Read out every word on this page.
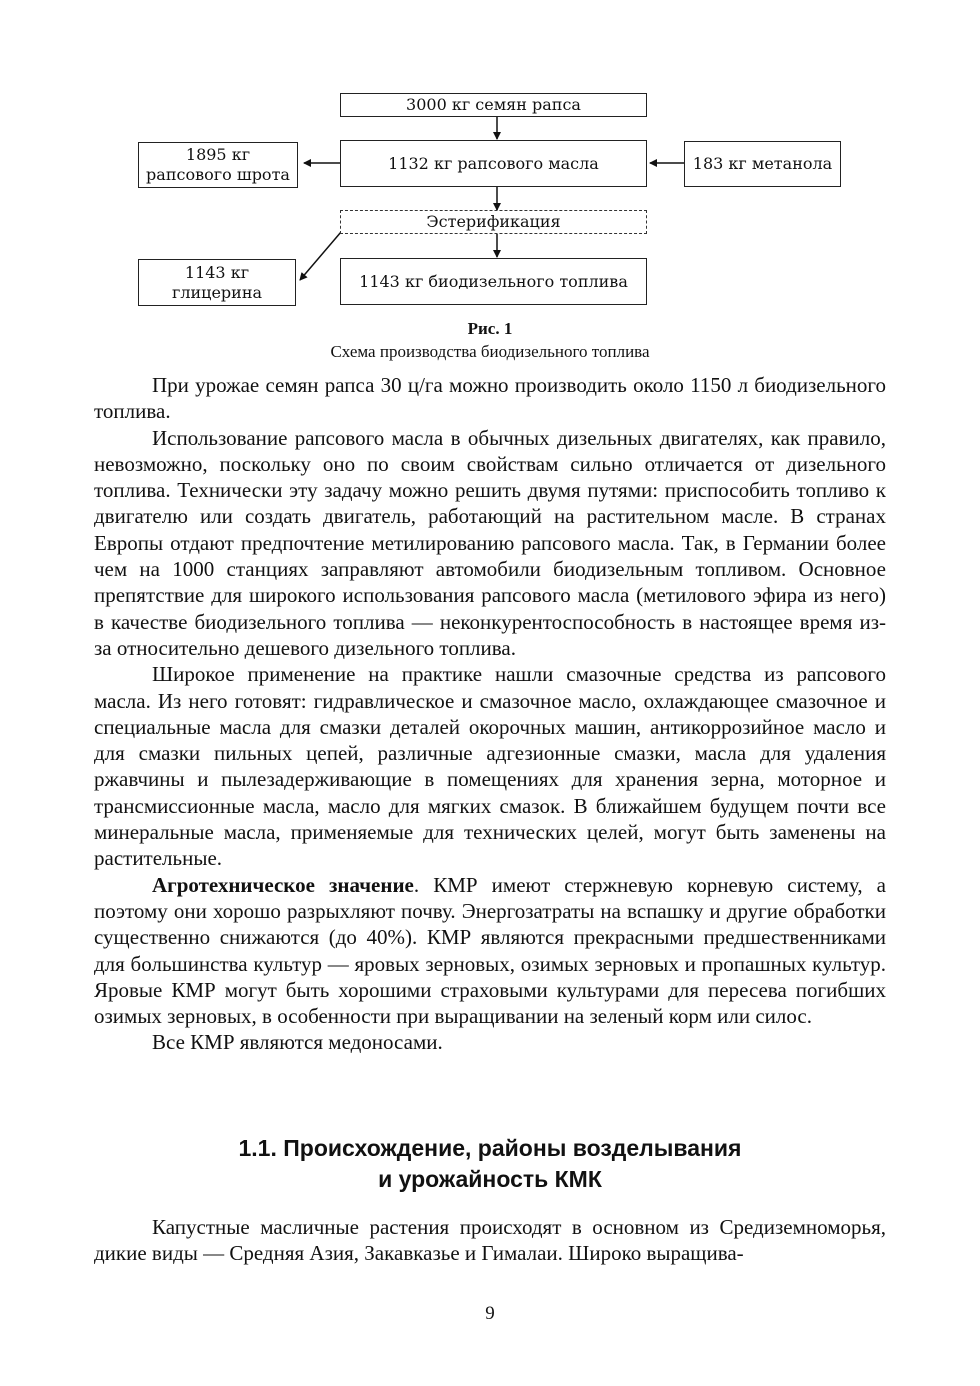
3000 кг семян рапса
1132 кг рапсового масла
1895 кг
рапсового шрота
183 кг метанола
Эстерификация
1143 кг
глицерина
1143 кг биодизельного топлива
Рис. 1
Схема производства биодизельного топлива

При урожае семян рапса 30 ц/га можно производить около 1150 л биодизельного топлива.

Использование рапсового масла в обычных дизельных двигателях, как правило, невозможно, поскольку оно по своим свойствам сильно отличается от дизельного топлива. Технически эту задачу можно решить двумя путями: приспособить топливо к двигателю или создать двигатель, работающий на растительном масле. В странах Европы отдают предпочтение метилированию рапсового масла. Так, в Германии более чем на 1000 станциях заправляют автомобили биодизельным топливом. Основное препятствие для широкого использования рапсового масла (метилового эфира из него) в качестве биодизельного топлива — неконкурентоспособность в настоящее время из-за относительно дешевого дизельного топлива.

Широкое применение на практике нашли смазочные средства из рапсового масла. Из него готовят: гидравлическое и смазочное масло, охлаждающее смазочное и специальные масла для смазки деталей окорочных машин, антикоррозийное масло и для смазки пильных цепей, различные адгезионные смазки, масла для удаления ржавчины и пылезадерживающие в помещениях для хранения зерна, моторное и трансмиссионные масла, масло для мягких смазок. В ближайшем будущем почти все минеральные масла, применяемые для технических целей, могут быть заменены на растительные.

Агротехническое значение. КМР имеют стержневую корневую систему, а поэтому они хорошо разрыхляют почву. Энергозатраты на вспашку и другие обработки существенно снижаются (до 40%). КМР являются прекрасными предшественниками для большинства культур — яровых зерновых, озимых зерновых и пропашных культур. Яровые КМР могут быть хорошими страховыми культурами для пересева погибших озимых зерновых, в особенности при выращивании на зеленый корм или силос.

Все КМР являются медоносами.

1.1. Происхождение, районы возделывания
и урожайность КМК

Капустные масличные растения происходят в основном из Средиземноморья, дикие виды — Средняя Азия, Закавказье и Гималаи. Широко выращива-

9
